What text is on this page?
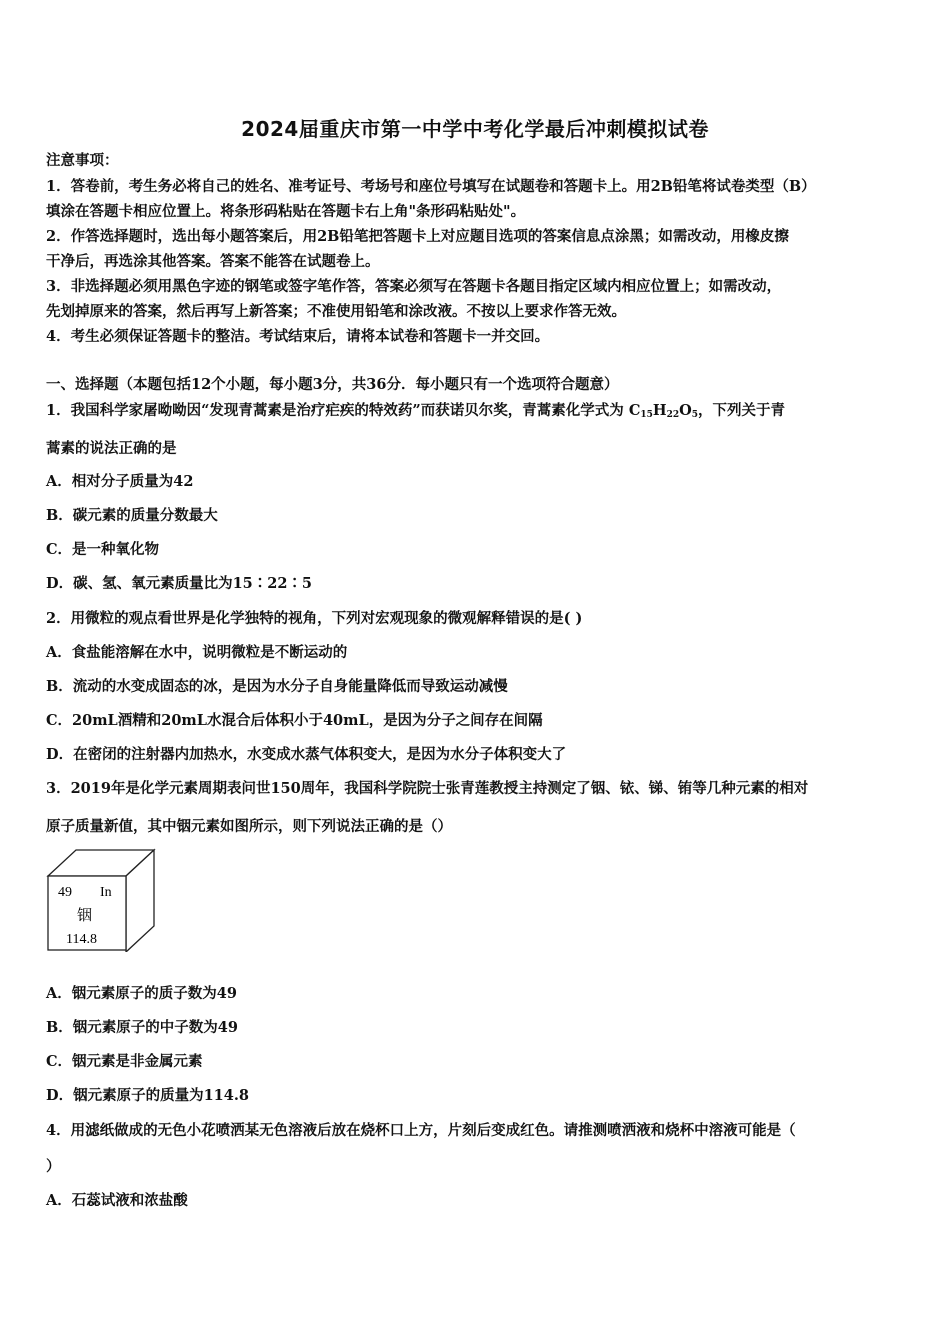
2024届重庆市第一中学中考化学最后冲刺模拟试卷
注意事项：
1．答卷前，考生务必将自己的姓名、准考证号、考场号和座位号填写在试题卷和答题卡上。用2B铅笔将试卷类型（B）
填涂在答题卡相应位置上。将条形码粘贴在答题卡右上角"条形码粘贴处"。
2．作答选择题时，选出每小题答案后，用2B铅笔把答题卡上对应题目选项的答案信息点涂黑；如需改动，用橡皮擦
干净后，再选涂其他答案。答案不能答在试题卷上。
3．非选择题必须用黑色字迹的钢笔或签字笔作答，答案必须写在答题卡各题目指定区域内相应位置上；如需改动，
先划掉原来的答案，然后再写上新答案；不准使用铅笔和涂改液。不按以上要求作答无效。
4．考生必须保证答题卡的整洁。考试结束后，请将本试卷和答题卡一并交回。
一、选择题（本题包括12个小题，每小题3分，共36分．每小题只有一个选项符合题意）
1．我国科学家屠呦呦因“发现青蒿素是治疗疟疾的特效药”而获诺贝尔奖，青蒿素化学式为 $C_{15}H_{22}O_5$，下列关于青
蒿素的说法正确的是
A．相对分子质量为42
B．碳元素的质量分数最大
C．是一种氧化物
D．碳、氢、氧元素质量比为15∶22∶5
2．用微粒的观点看世界是化学独特的视角，下列对宏观现象的微观解释错误的是( )
A．食盐能溶解在水中，说明微粒是不断运动的
B．流动的水变成固态的冰，是因为水分子自身能量降低而导致运动减慢
C．20mL酒精和20mL水混合后体积小于40mL，是因为分子之间存在间隔
D．在密闭的注射器内加热水，水变成水蒸气体积变大，是因为水分子体积变大了
3．2019年是化学元素周期表问世150周年，我国科学院院士张青莲教授主持测定了铟、铱、锑、铕等几种元素的相对
原子质量新值，其中铟元素如图所示，则下列说法正确的是（）
49 In
铟
114.8
A．铟元素原子的质子数为49
B．铟元素原子的中子数为49
C．铟元素是非金属元素
D．铟元素原子的质量为114.8
4．用滤纸做成的无色小花喷洒某无色溶液后放在烧杯口上方，片刻后变成红色。请推测喷洒液和烧杯中溶液可能是（
）
A．石蕊试液和浓盐酸
